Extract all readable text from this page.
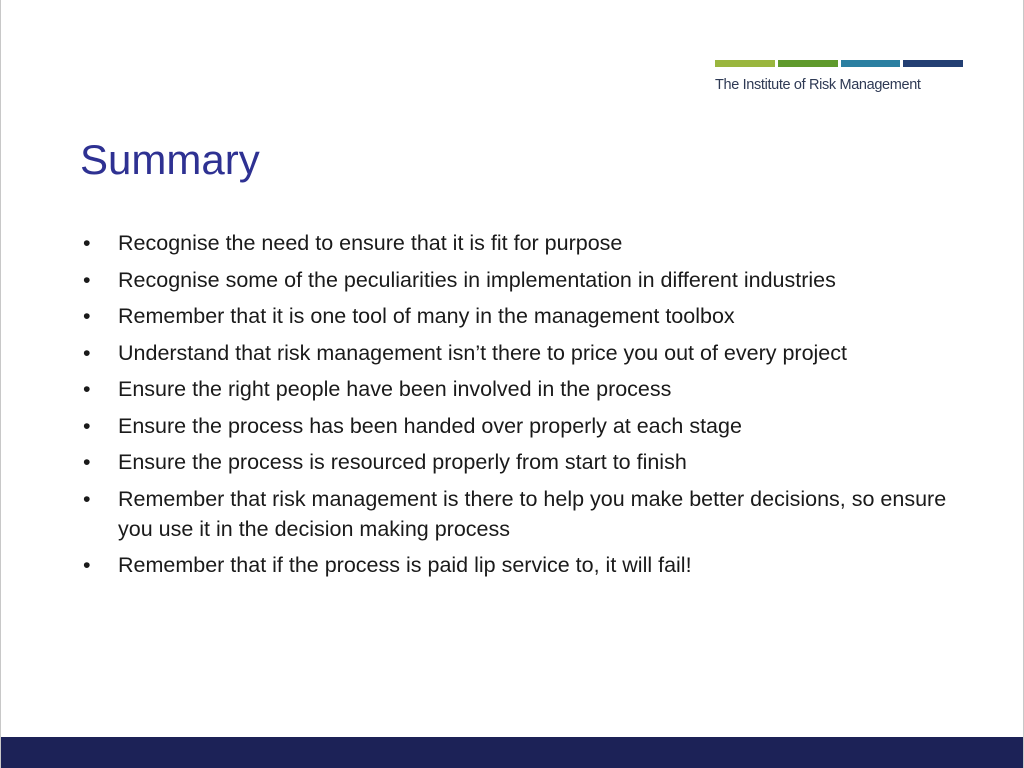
The Institute of Risk Management
Summary
• Recognise the need to ensure that it is fit for purpose
• Recognise some of the peculiarities in implementation in different industries
• Remember that it is one tool of many in the management toolbox
• Understand that risk management isn’t there to price you out of every project
• Ensure the right people have been involved in the process
• Ensure the process has been handed over properly at each stage
• Ensure the process is resourced properly from start to finish
• Remember that risk management is there to help you make better decisions, so ensure you use it in the decision making process
• Remember that if the process is paid lip service to, it will fail!
